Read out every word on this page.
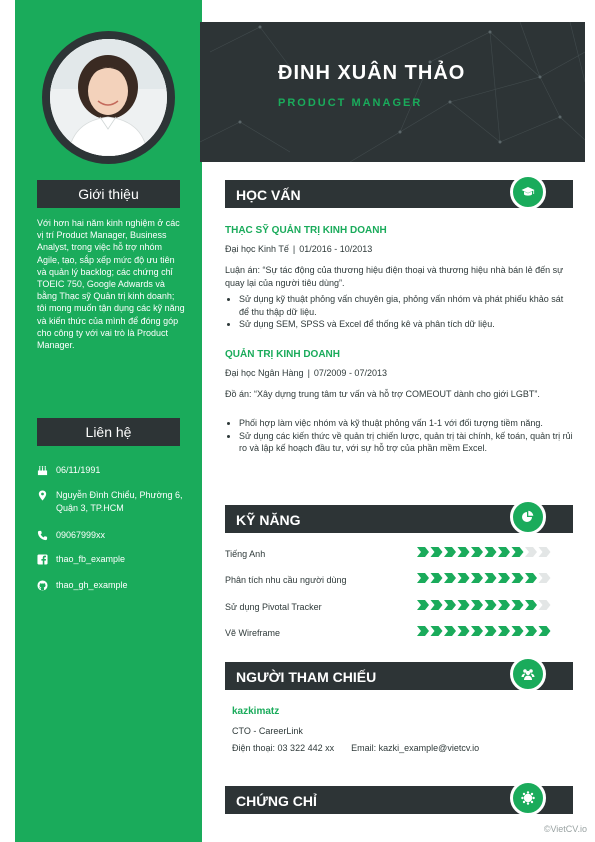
ĐINH XUÂN THẢO
PRODUCT MANAGER
Giới thiệu
Với hơn hai năm kinh nghiệm ở các vị trí Product Manager, Business Analyst, trong việc hỗ trợ nhóm Agile, tạo, sắp xếp mức độ ưu tiên và quản lý backlog; các chứng chỉ TOEIC 750, Google Adwards và bằng Thạc sỹ Quản trị kinh doanh; tôi mong muốn tận dụng các kỹ năng và kiến thức của mình để đóng góp cho công ty với vai trò là Product Manager.
Liên hệ
06/11/1991
Nguyễn Đình Chiểu, Phường 6, Quận 3, TP.HCM
09067999xx
thao_fb_example
thao_gh_example
HỌC VẤN
THẠC SỸ QUẢN TRỊ KINH DOANH
Đại học Kinh Tế | 01/2016 - 10/2013
Luận án: “Sự tác động của thương hiệu điện thoại và thương hiệu nhà bán lẻ đến sự quay lại của người tiêu dùng”.
• Sử dụng kỹ thuật phỏng vấn chuyên gia, phỏng vấn nhóm và phát phiếu khảo sát để thu thập dữ liệu.
• Sử dụng SEM, SPSS và Excel để thống kê và phân tích dữ liệu.
QUẢN TRỊ KINH DOANH
Đại học Ngân Hàng | 07/2009 - 07/2013
Đồ án: “Xây dựng trung tâm tư vấn và hỗ trợ COMEOUT dành cho giới LGBT”.
• Phối hợp làm việc nhóm và kỹ thuật phỏng vấn 1-1 với đối tượng tiềm năng.
• Sử dụng các kiến thức về quản trị chiến lược, quản trị tài chính, kế toán, quản trị rủi ro và lập kế hoạch đầu tư, với sự hỗ trợ của phần mềm Excel.
KỸ NĂNG
Tiếng Anh
Phân tích nhu cầu người dùng
Sử dụng Pivotal Tracker
Vẽ Wireframe
NGƯỜI THAM CHIẾU
kazkimatz
CTO - CareerLink
Điện thoại: 03 322 442 xx Email: kazki_example@vietcv.io
CHỨNG CHỈ
©VietCV.io
